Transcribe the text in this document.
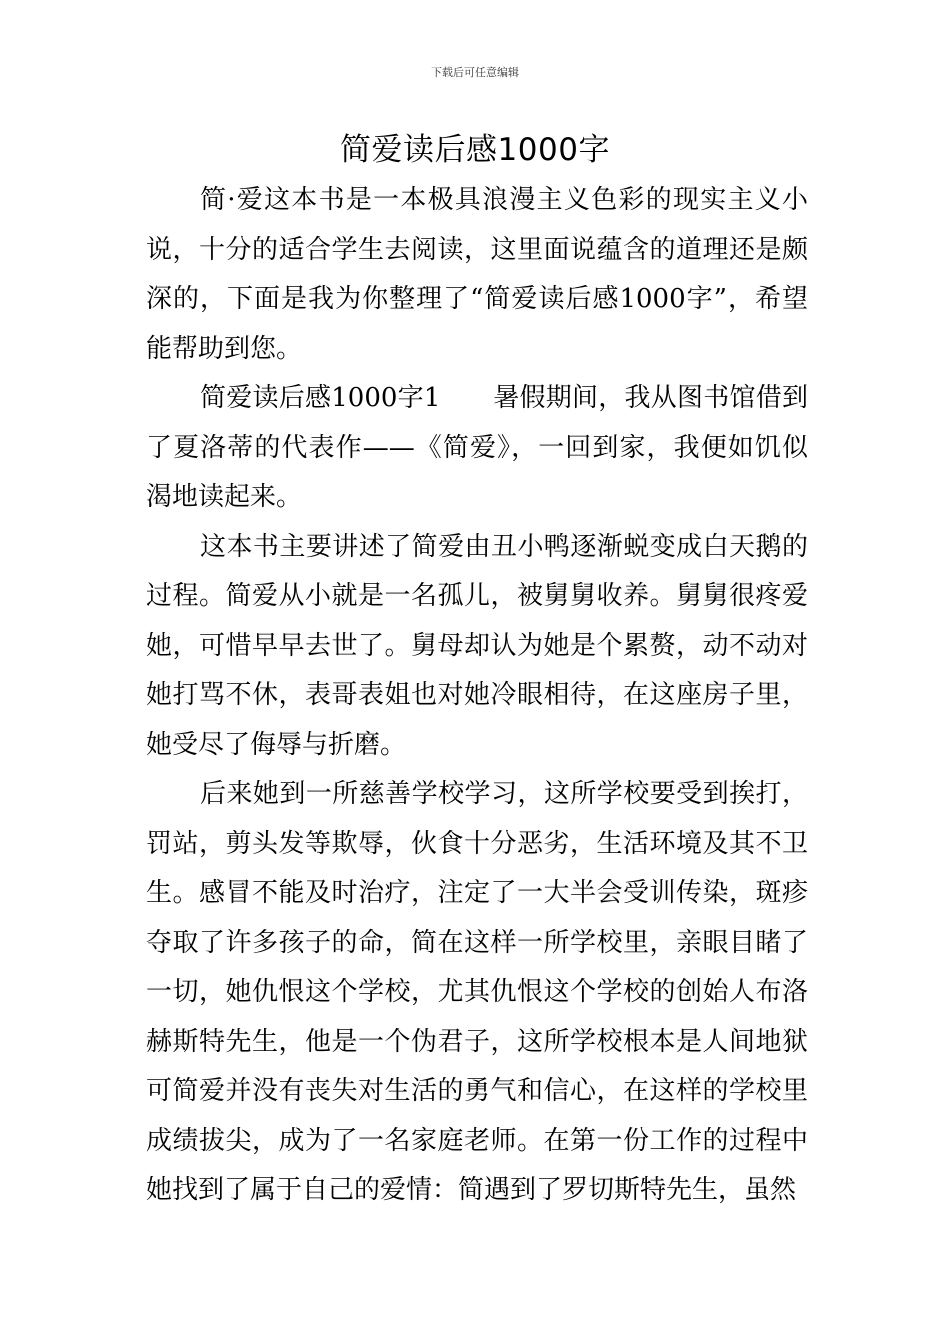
下载后可任意编辑
简爱读后感1000字

简·爱这本书是一本极具浪漫主义色彩的现实主义小说，十分的适合学生去阅读，这里面说蕴含的道理还是颇深的，下面是我为你整理了“简爱读后感1000字”，希望能帮助到您。

简爱读后感1000字1　　暑假期间，我从图书馆借到了夏洛蒂的代表作——《简爱》，一回到家，我便如饥似渴地读起来。

这本书主要讲述了简爱由丑小鸭逐渐蜕变成白天鹅的过程。简爱从小就是一名孤儿，被舅舅收养。舅舅很疼爱她，可惜早早去世了。舅母却认为她是个累赘，动不动对她打骂不休，表哥表姐也对她冷眼相待，在这座房子里，她受尽了侮辱与折磨。

后来她到一所慈善学校学习，这所学校要受到挨打，罚站，剪头发等欺辱，伙食十分恶劣，生活环境及其不卫生。感冒不能及时治疗，注定了一大半会受训传染，斑疹夺取了许多孩子的命，简在这样一所学校里，亲眼目睹了一切，她仇恨这个学校，尤其仇恨这个学校的创始人布洛赫斯特先生，他是一个伪君子，这所学校根本是人间地狱可简爱并没有丧失对生活的勇气和信心，在这样的学校里成绩拔尖，成为了一名家庭老师。在第一份工作的过程中她找到了属于自己的爱情：简遇到了罗切斯特先生，虽然
